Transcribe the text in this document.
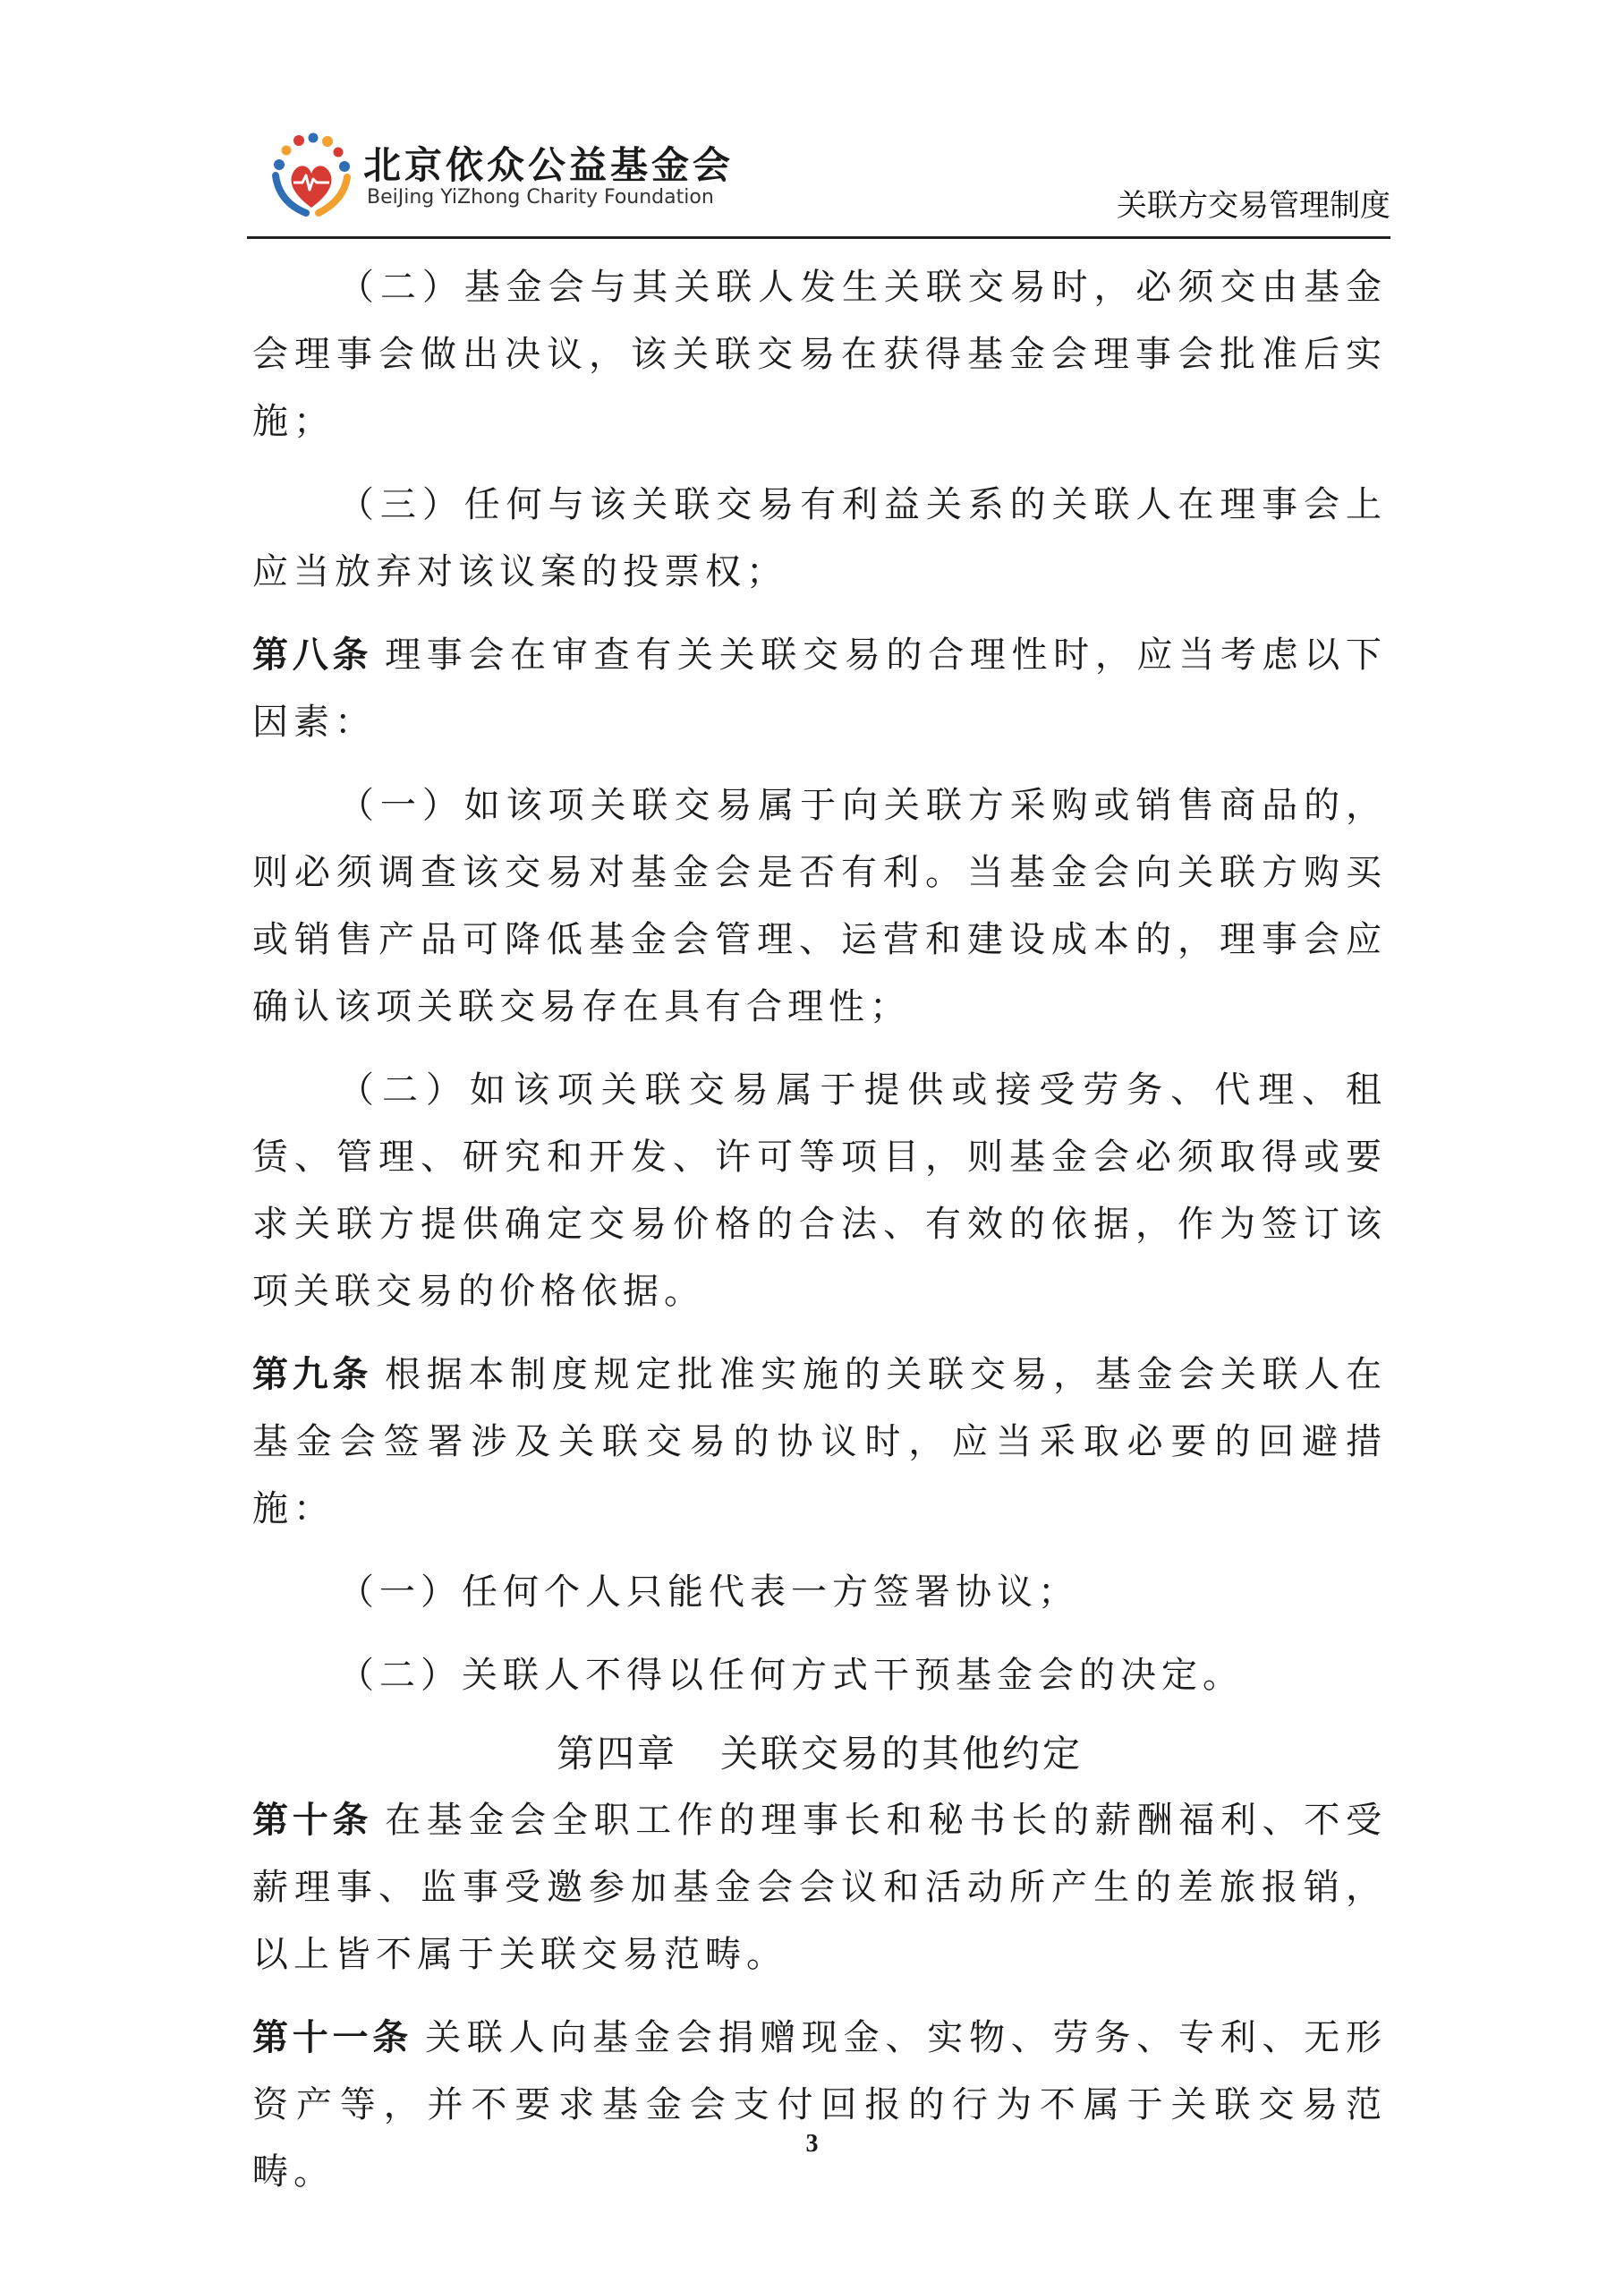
北京依众公益基金会
BeiJing YiZhong Charity Foundation	关联方交易管理制度

（二）基金会与其关联人发生关联交易时，必须交由基金会理事会做出决议，该关联交易在获得基金会理事会批准后实施；

（三）任何与该关联交易有利益关系的关联人在理事会上应当放弃对该议案的投票权；

第八条 理事会在审查有关关联交易的合理性时，应当考虑以下因素：

（一）如该项关联交易属于向关联方采购或销售商品的，则必须调查该交易对基金会是否有利。当基金会向关联方购买或销售产品可降低基金会管理、运营和建设成本的，理事会应确认该项关联交易存在具有合理性；

（二）如该项关联交易属于提供或接受劳务、代理、租赁、管理、研究和开发、许可等项目，则基金会必须取得或要求关联方提供确定交易价格的合法、有效的依据，作为签订该项关联交易的价格依据。

第九条 根据本制度规定批准实施的关联交易，基金会关联人在基金会签署涉及关联交易的协议时，应当采取必要的回避措施：

（一）任何个人只能代表一方签署协议；

（二）关联人不得以任何方式干预基金会的决定。

第四章 关联交易的其他约定

第十条 在基金会全职工作的理事长和秘书长的薪酬福利、不受薪理事、监事受邀参加基金会会议和活动所产生的差旅报销，以上皆不属于关联交易范畴。

第十一条 关联人向基金会捐赠现金、实物、劳务、专利、无形资产等，并不要求基金会支付回报的行为不属于关联交易范畴。

3
